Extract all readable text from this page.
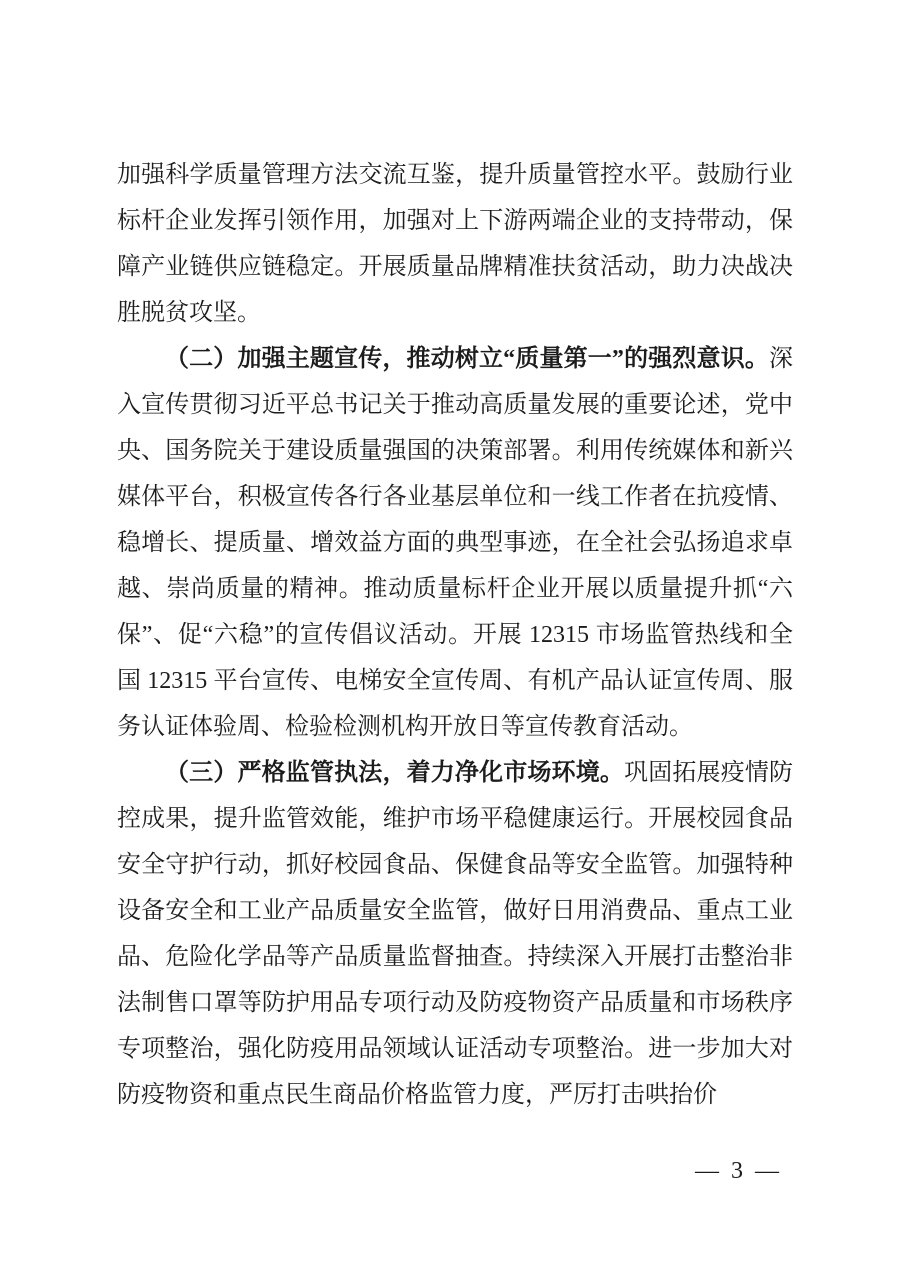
加强科学质量管理方法交流互鉴，提升质量管控水平。鼓励行业标杆企业发挥引领作用，加强对上下游两端企业的支持带动，保障产业链供应链稳定。开展质量品牌精准扶贫活动，助力决战决胜脱贫攻坚。

（二）加强主题宣传，推动树立“质量第一”的强烈意识。深入宣传贯彻习近平总书记关于推动高质量发展的重要论述，党中央、国务院关于建设质量强国的决策部署。利用传统媒体和新兴媒体平台，积极宣传各行各业基层单位和一线工作者在抗疫情、稳增长、提质量、增效益方面的典型事迹，在全社会弘扬追求卓越、崇尚质量的精神。推动质量标杆企业开展以质量提升抓“六保”、促“六稳”的宣传倡议活动。开展 12315 市场监管热线和全国 12315 平台宣传、电梯安全宣传周、有机产品认证宣传周、服务认证体验周、检验检测机构开放日等宣传教育活动。

（三）严格监管执法，着力净化市场环境。巩固拓展疫情防控成果，提升监管效能，维护市场平稳健康运行。开展校园食品安全守护行动，抓好校园食品、保健食品等安全监管。加强特种设备安全和工业产品质量安全监管，做好日用消费品、重点工业品、危险化学品等产品质量监督抽查。持续深入开展打击整治非法制售口罩等防护用品专项行动及防疫物资产品质量和市场秩序专项整治，强化防疫用品领域认证活动专项整治。进一步加大对防疫物资和重点民生商品价格监管力度，严厉打击哄抬价

— 3 —
